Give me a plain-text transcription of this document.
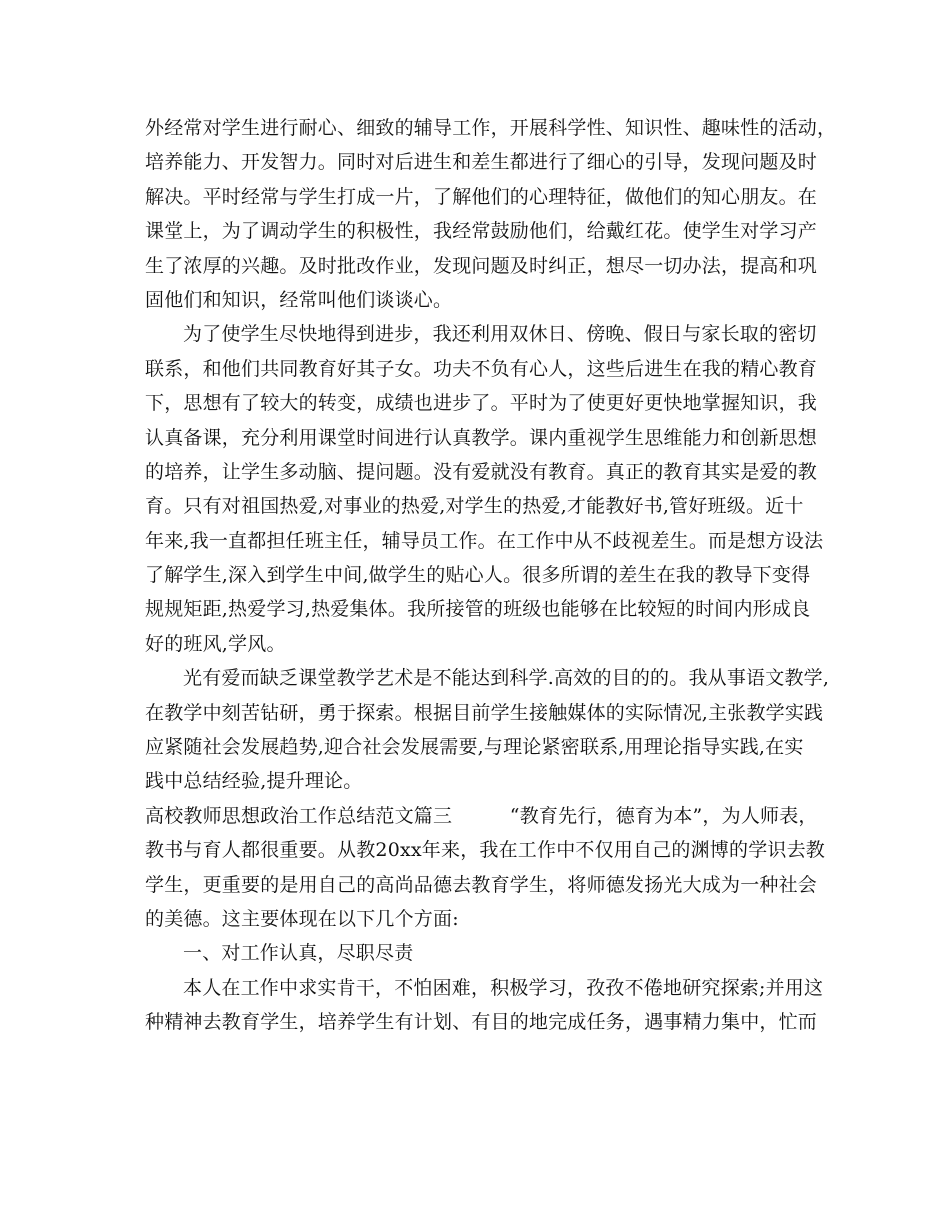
外经常对学生进行耐心、细致的辅导工作，开展科学性、知识性、趣味性的活动，
培养能力、开发智力。同时对后进生和差生都进行了细心的引导，发现问题及时
解决。平时经常与学生打成一片，了解他们的心理特征，做他们的知心朋友。在
课堂上，为了调动学生的积极性，我经常鼓励他们，给戴红花。使学生对学习产
生了浓厚的兴趣。及时批改作业，发现问题及时纠正，想尽一切办法，提高和巩
固他们和知识，经常叫他们谈谈心。
为了使学生尽快地得到进步，我还利用双休日、傍晚、假日与家长取的密切
联系，和他们共同教育好其子女。功夫不负有心人，这些后进生在我的精心教育
下，思想有了较大的转变，成绩也进步了。平时为了使更好更快地掌握知识，我
认真备课，充分利用课堂时间进行认真教学。课内重视学生思维能力和创新思想
的培养，让学生多动脑、提问题。没有爱就没有教育。真正的教育其实是爱的教
育。只有对祖国热爱,对事业的热爱,对学生的热爱,才能教好书,管好班级。近十
年来,我一直都担任班主任，辅导员工作。在工作中从不歧视差生。而是想方设法
了解学生,深入到学生中间,做学生的贴心人。很多所谓的差生在我的教导下变得
规规矩距,热爱学习,热爱集体。我所接管的班级也能够在比较短的时间内形成良
好的班风,学风。
光有爱而缺乏课堂教学艺术是不能达到科学.高效的目的的。我从事语文教学,
在教学中刻苦钻研，勇于探索。根据目前学生接触媒体的实际情况,主张教学实践
应紧随社会发展趋势,迎合社会发展需要,与理论紧密联系,用理论指导实践,在实
践中总结经验,提升理论。
高校教师思想政治工作总结范文篇三　　　“教育先行，德育为本”，为人师表，
教书与育人都很重要。从教20xx年来，我在工作中不仅用自己的渊博的学识去教
学生，更重要的是用自己的高尚品德去教育学生，将师德发扬光大成为一种社会
的美德。这主要体现在以下几个方面:
一、对工作认真，尽职尽责
本人在工作中求实肯干，不怕困难，积极学习，孜孜不倦地研究探索;并用这
种精神去教育学生，培养学生有计划、有目的地完成任务，遇事精力集中，忙而
